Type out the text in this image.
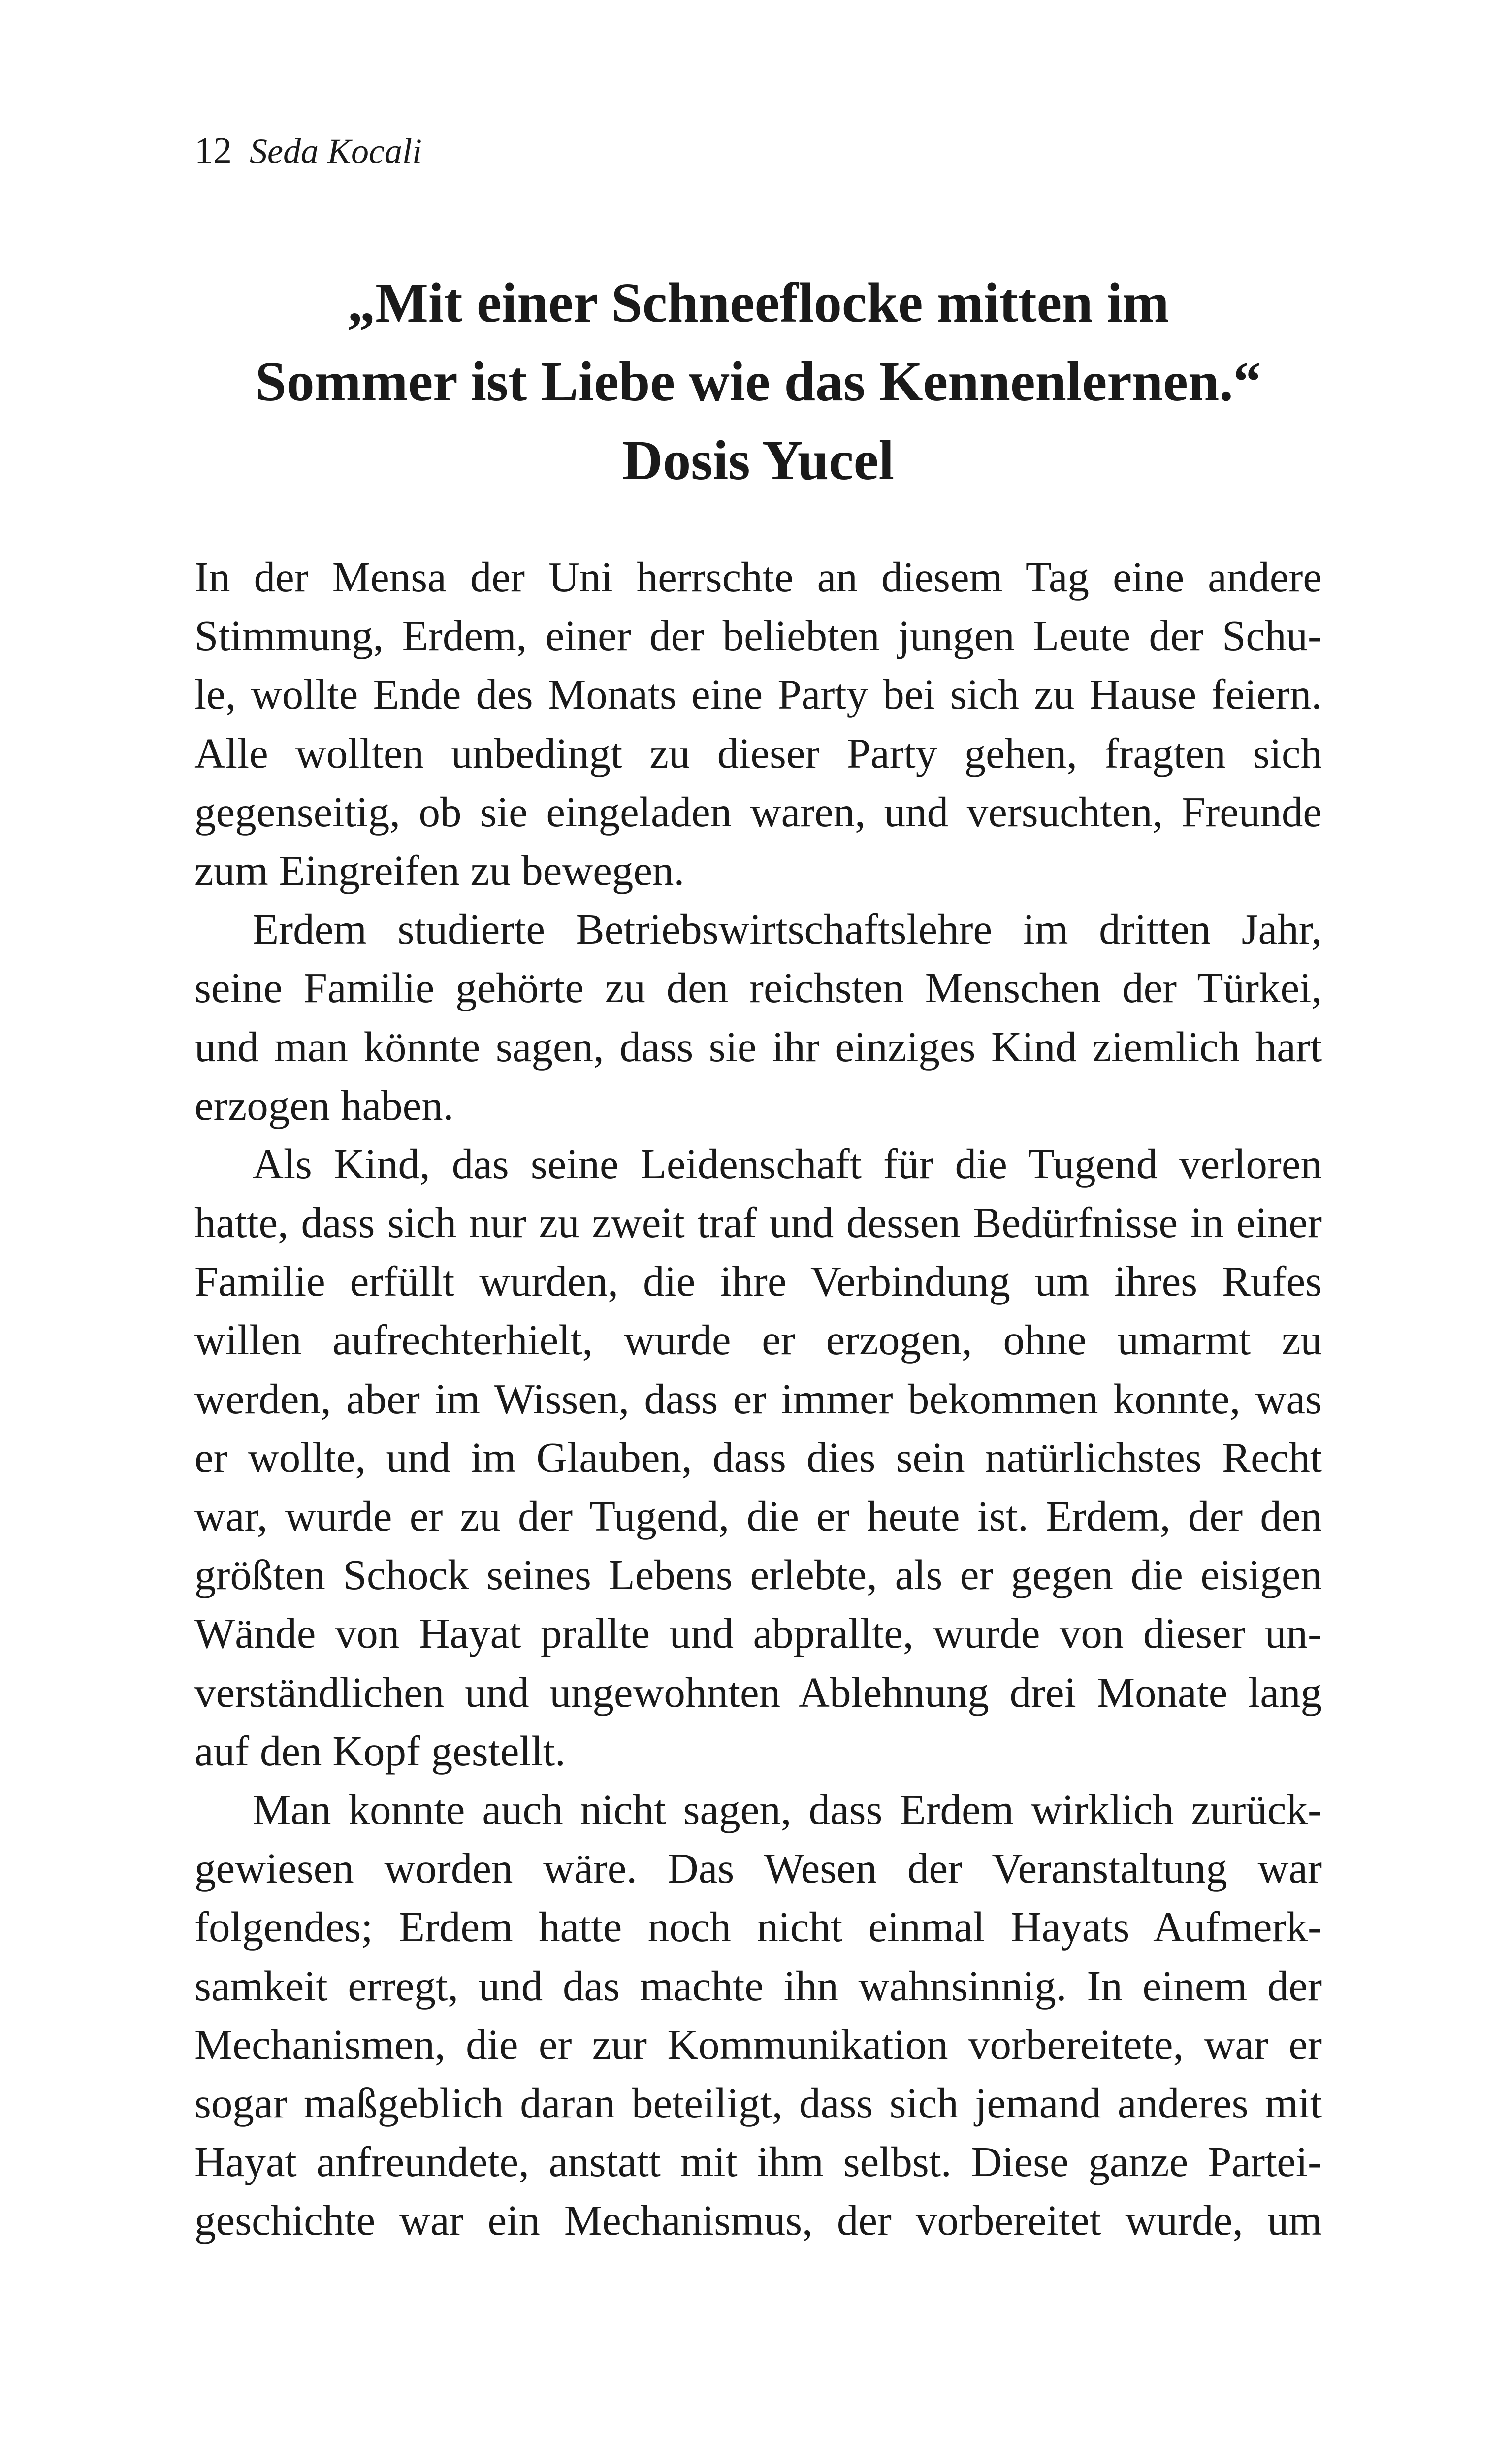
12 Seda Kocali
„Mit einer Schneeflocke mitten im
Sommer ist Liebe wie das Kennenlernen.“
Dosis Yucel
In der Mensa der Uni herrschte an diesem Tag eine andere
Stimmung, Erdem, einer der beliebten jungen Leute der Schu-
le, wollte Ende des Monats eine Party bei sich zu Hause feiern.
Alle wollten unbedingt zu dieser Party gehen, fragten sich
gegenseitig, ob sie eingeladen waren, und versuchten, Freunde
zum Eingreifen zu bewegen.
Erdem studierte Betriebswirtschaftslehre im dritten Jahr,
seine Familie gehörte zu den reichsten Menschen der Türkei,
und man könnte sagen, dass sie ihr einziges Kind ziemlich hart
erzogen haben.
Als Kind, das seine Leidenschaft für die Tugend verloren
hatte, dass sich nur zu zweit traf und dessen Bedürfnisse in einer
Familie erfüllt wurden, die ihre Verbindung um ihres Rufes
willen aufrechterhielt, wurde er erzogen, ohne umarmt zu
werden, aber im Wissen, dass er immer bekommen konnte, was
er wollte, und im Glauben, dass dies sein natürlichstes Recht
war, wurde er zu der Tugend, die er heute ist. Erdem, der den
größten Schock seines Lebens erlebte, als er gegen die eisigen
Wände von Hayat prallte und abprallte, wurde von dieser un-
verständlichen und ungewohnten Ablehnung drei Monate lang
auf den Kopf gestellt.
Man konnte auch nicht sagen, dass Erdem wirklich zurück-
gewiesen worden wäre. Das Wesen der Veranstaltung war
folgendes; Erdem hatte noch nicht einmal Hayats Aufmerk-
samkeit erregt, und das machte ihn wahnsinnig. In einem der
Mechanismen, die er zur Kommunikation vorbereitete, war er
sogar maßgeblich daran beteiligt, dass sich jemand anderes mit
Hayat anfreundete, anstatt mit ihm selbst. Diese ganze Partei-
geschichte war ein Mechanismus, der vorbereitet wurde, um
